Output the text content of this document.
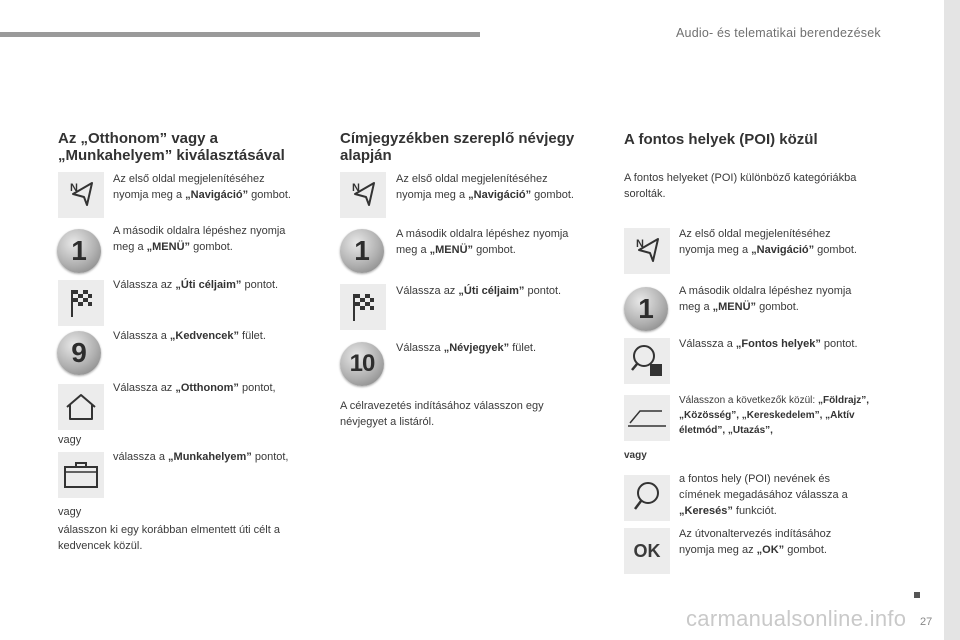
Audio- és telematikai berendezések
Az „Otthonom” vagy a
„Munkahelyem” kiválasztásával
N
Az első oldal megjelenítéséhez
nyomja meg a „Navigáció” gombot.
1
A második oldalra lépéshez nyomja
meg a „MENÜ” gombot.
Válassza az „Úti céljaim” pontot.
9
Válassza a „Kedvencek” fület.
Válassza az „Otthonom” pontot,
vagy
válassza a „Munkahelyem” pontot,
vagy
válasszon ki egy korábban elmentett úti célt a
kedvencek közül.
Címjegyzékben szereplő névjegy
alapján
N
Az első oldal megjelenítéséhez
nyomja meg a „Navigáció” gombot.
1
A második oldalra lépéshez nyomja
meg a „MENÜ” gombot.
Válassza az „Úti céljaim” pontot.
10
Válassza „Névjegyek” fület.
A célravezetés indításához válasszon egy
névjegyet a listáról.
A fontos helyek (POI) közül
A fontos helyeket (POI) különböző kategóriákba
sorolták.
N
Az első oldal megjelenítéséhez
nyomja meg a „Navigáció” gombot.
1
A második oldalra lépéshez nyomja
meg a „MENÜ” gombot.
Válassza a „Fontos helyek” pontot.
Válasszon a következők közül: „Földrajz”,
„Közösség”, „Kereskedelem”, „Aktív
életmód”, „Utazás”,
vagy
a fontos hely (POI) nevének és
címének megadásához válassza a
„Keresés” funkciót.
OK
Az útvonaltervezés indításához
nyomja meg az „OK” gombot.
carmanualsonline.info 27
